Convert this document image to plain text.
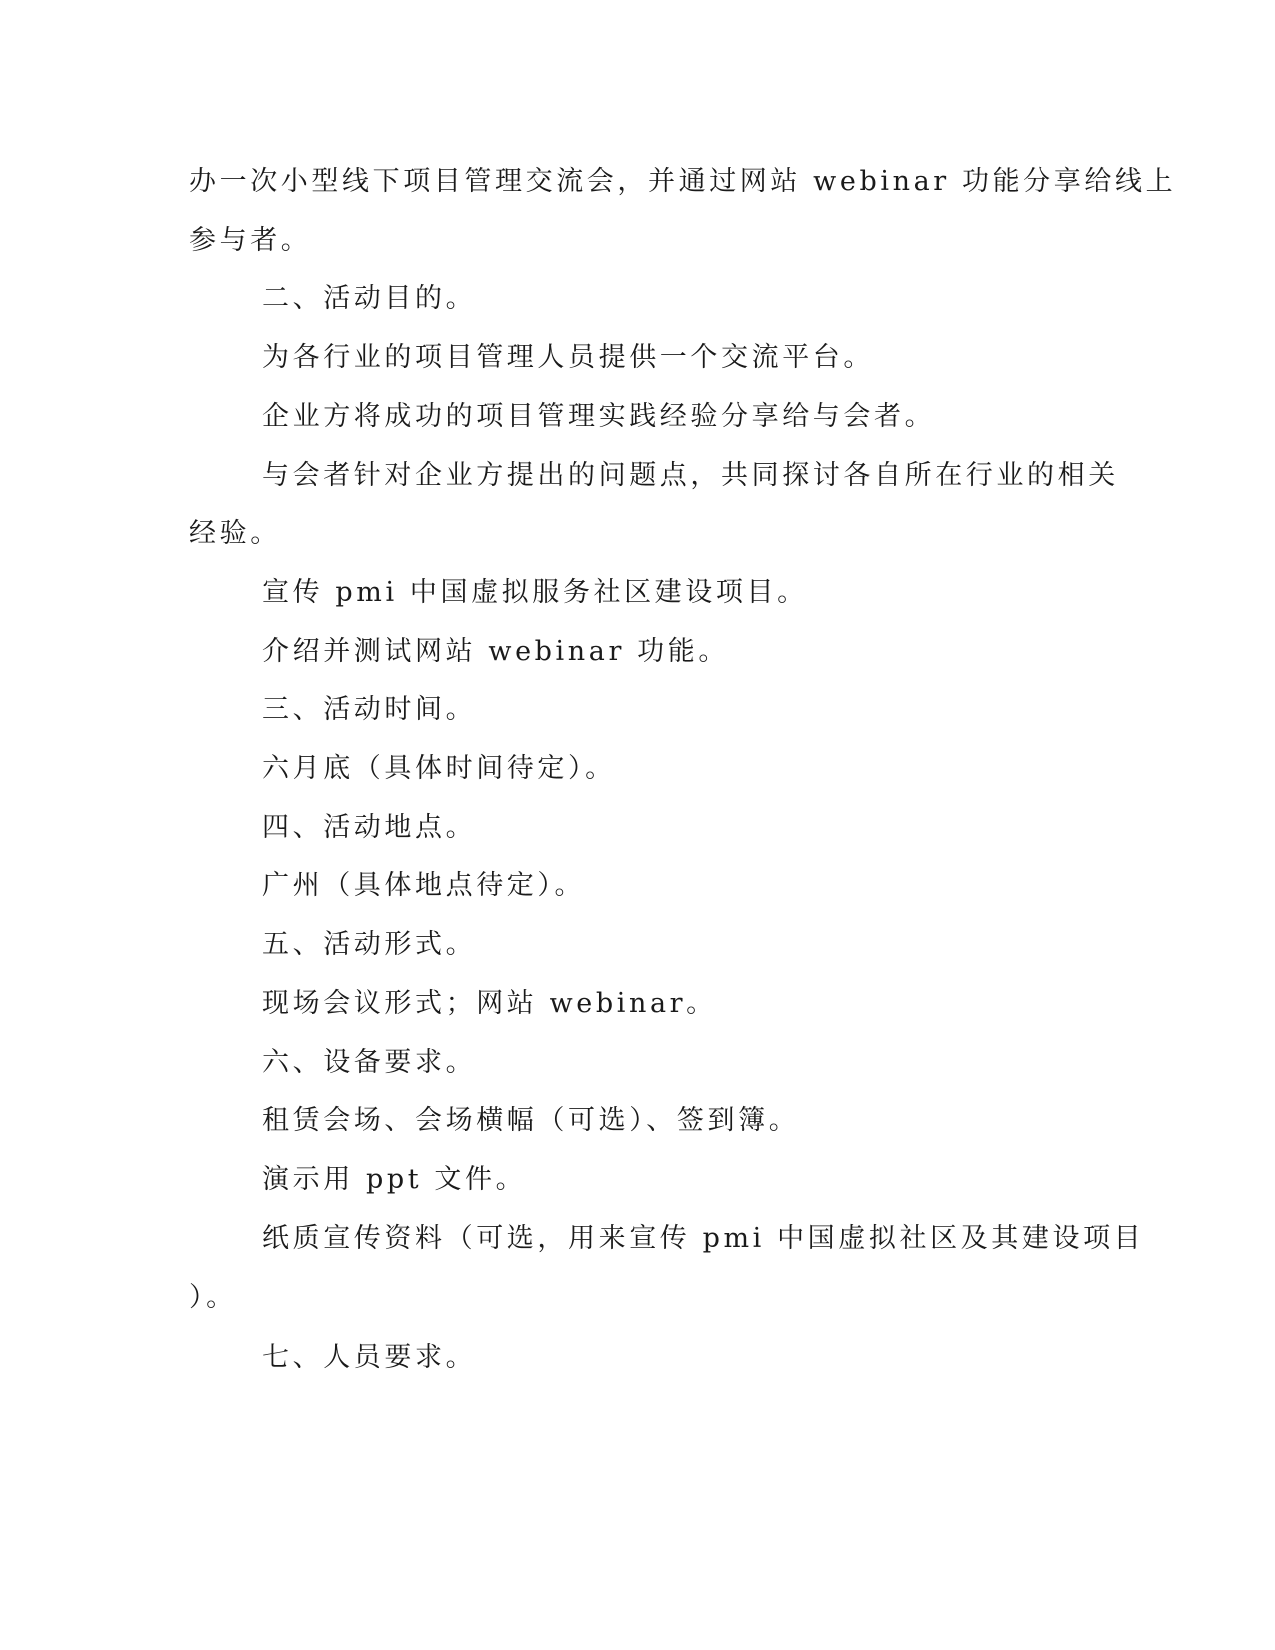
办一次小型线下项目管理交流会，并通过网站 webinar 功能分享给线上
参与者。
二、活动目的。
为各行业的项目管理人员提供一个交流平台。
企业方将成功的项目管理实践经验分享给与会者。
与会者针对企业方提出的问题点，共同探讨各自所在行业的相关
经验。
宣传 pmi 中国虚拟服务社区建设项目。
介绍并测试网站 webinar 功能。
三、活动时间。
六月底（具体时间待定）。
四、活动地点。
广州（具体地点待定）。
五、活动形式。
现场会议形式；网站 webinar。
六、设备要求。
租赁会场、会场横幅（可选）、签到簿。
演示用 ppt 文件。
纸质宣传资料（可选，用来宣传 pmi 中国虚拟社区及其建设项目
）。
七、人员要求。
